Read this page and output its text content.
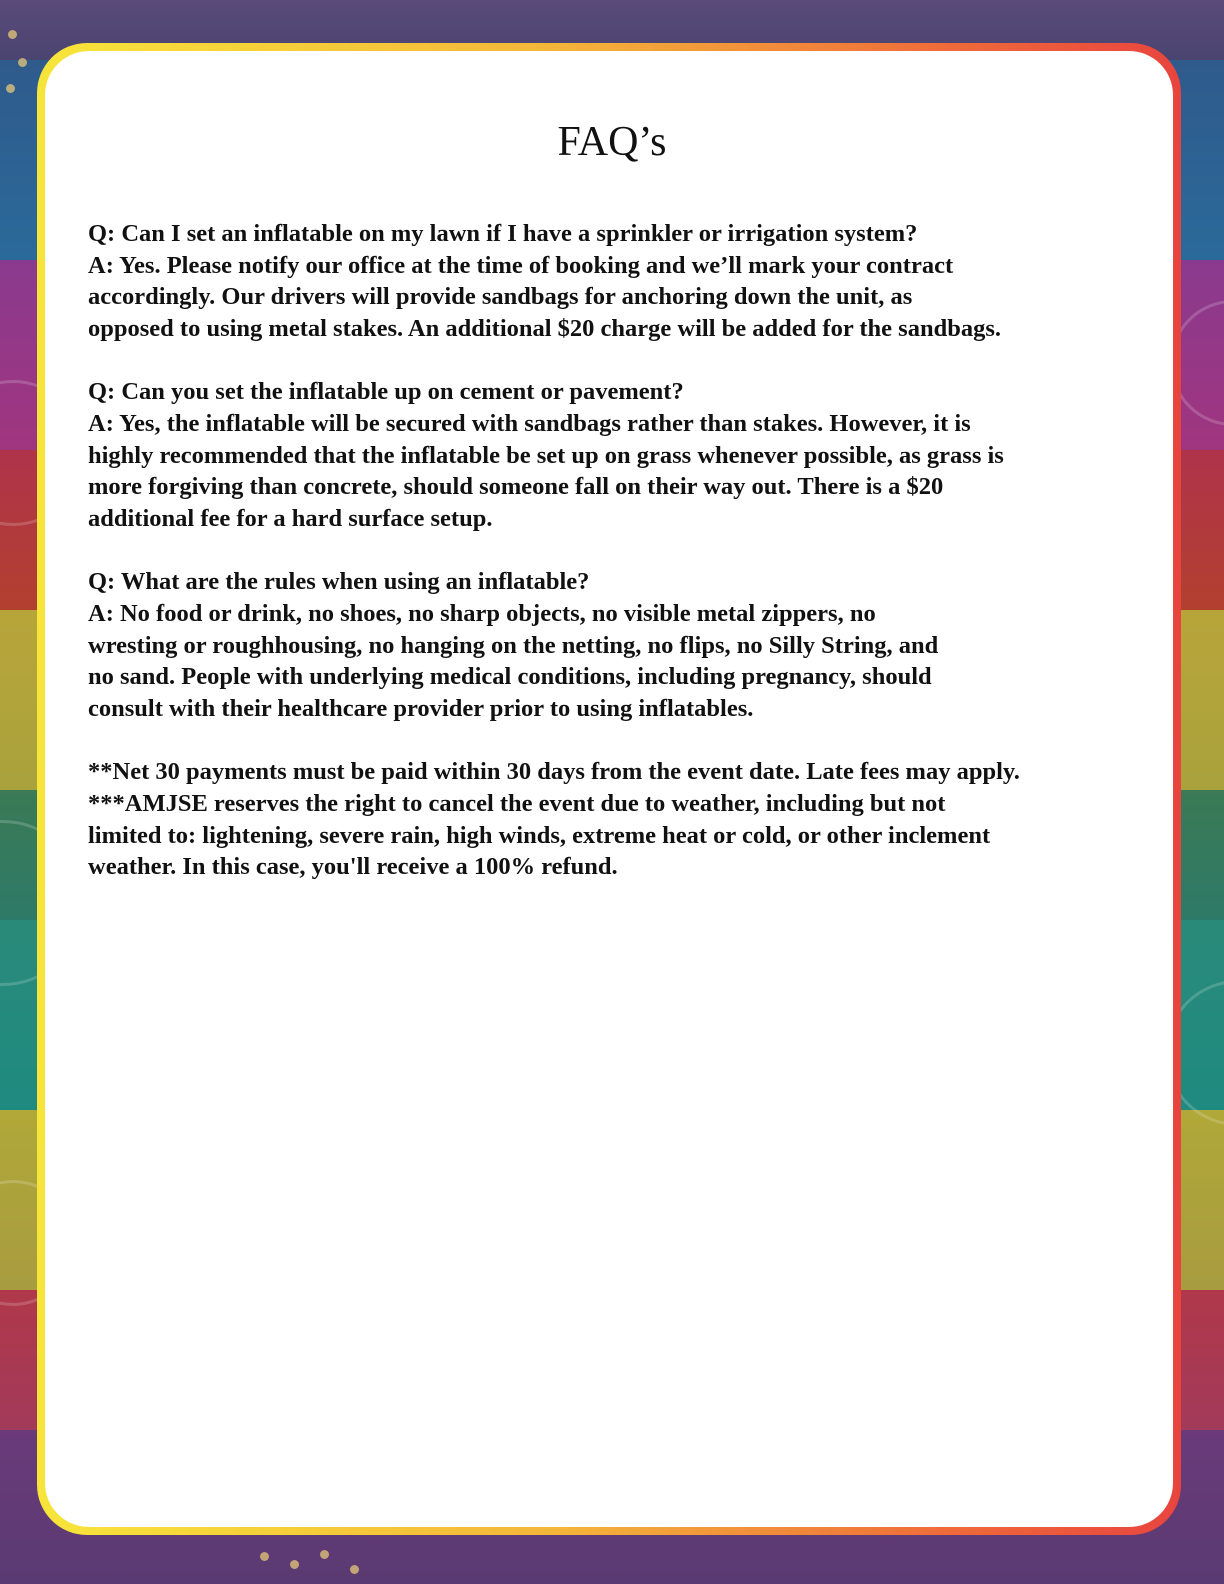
FAQ’s
Q: Can I set an inflatable on my lawn if I have a sprinkler or irrigation system?
A: Yes. Please notify our office at the time of booking and we’ll mark your contract
accordingly. Our drivers will provide sandbags for anchoring down the unit, as
opposed to using metal stakes. An additional $20 charge will be added for the sandbags.
Q: Can you set the inflatable up on cement or pavement?
A: Yes, the inflatable will be secured with sandbags rather than stakes. However, it is
highly recommended that the inflatable be set up on grass whenever possible, as grass is
more forgiving than concrete, should someone fall on their way out. There is a $20
additional fee for a hard surface setup.
Q: What are the rules when using an inflatable?
A: No food or drink, no shoes, no sharp objects, no visible metal zippers, no
wresting or roughhousing, no hanging on the netting, no flips, no Silly String, and
no sand. People with underlying medical conditions, including pregnancy, should
consult with their healthcare provider prior to using inflatables.
**Net 30 payments must be paid within 30 days from the event date. Late fees may apply.
***AMJSE reserves the right to cancel the event due to weather, including but not
limited to: lightening, severe rain, high winds, extreme heat or cold, or other inclement
weather. In this case, you'll receive a 100% refund.
